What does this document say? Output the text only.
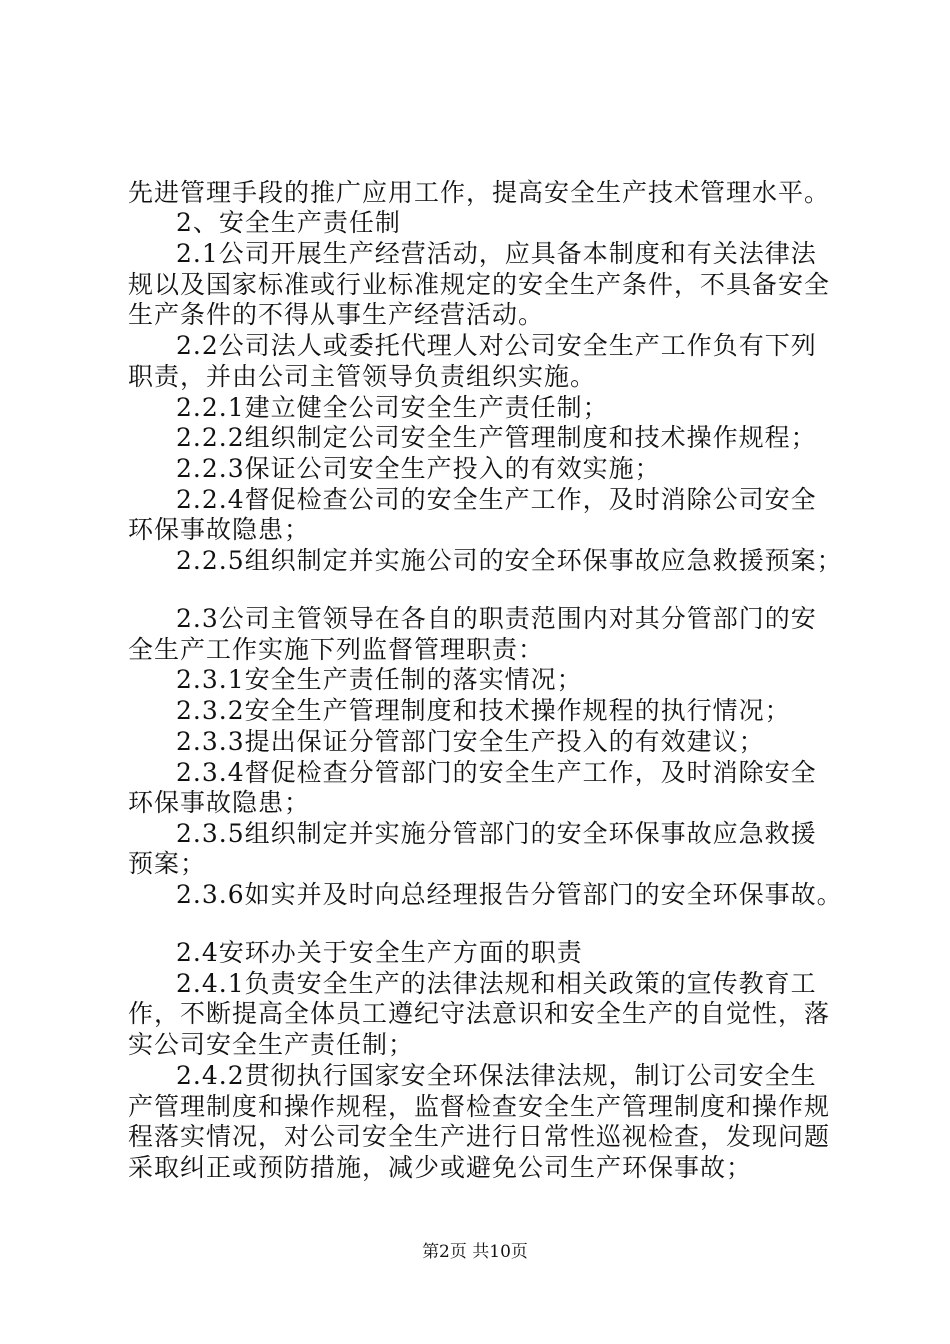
先进管理手段的推广应用工作，提高安全生产技术管理水平。
2、安全生产责任制
2.1公司开展生产经营活动，应具备本制度和有关法律法
规以及国家标准或行业标准规定的安全生产条件，不具备安全
生产条件的不得从事生产经营活动。
2.2公司法人或委托代理人对公司安全生产工作负有下列
职责，并由公司主管领导负责组织实施。
2.2.1建立健全公司安全生产责任制；
2.2.2组织制定公司安全生产管理制度和技术操作规程；
2.2.3保证公司安全生产投入的有效实施；
2.2.4督促检查公司的安全生产工作，及时消除公司安全
环保事故隐患；
2.2.5组织制定并实施公司的安全环保事故应急救援预案；
2.3公司主管领导在各自的职责范围内对其分管部门的安
全生产工作实施下列监督管理职责：
2.3.1安全生产责任制的落实情况；
2.3.2安全生产管理制度和技术操作规程的执行情况；
2.3.3提出保证分管部门安全生产投入的有效建议；
2.3.4督促检查分管部门的安全生产工作，及时消除安全
环保事故隐患；
2.3.5组织制定并实施分管部门的安全环保事故应急救援
预案；
2.3.6如实并及时向总经理报告分管部门的安全环保事故。
2.4安环办关于安全生产方面的职责
2.4.1负责安全生产的法律法规和相关政策的宣传教育工
作，不断提高全体员工遵纪守法意识和安全生产的自觉性，落
实公司安全生产责任制；
2.4.2贯彻执行国家安全环保法律法规，制订公司安全生
产管理制度和操作规程，监督检查安全生产管理制度和操作规
程落实情况，对公司安全生产进行日常性巡视检查，发现问题
采取纠正或预防措施，减少或避免公司生产环保事故；
第2页 共10页
